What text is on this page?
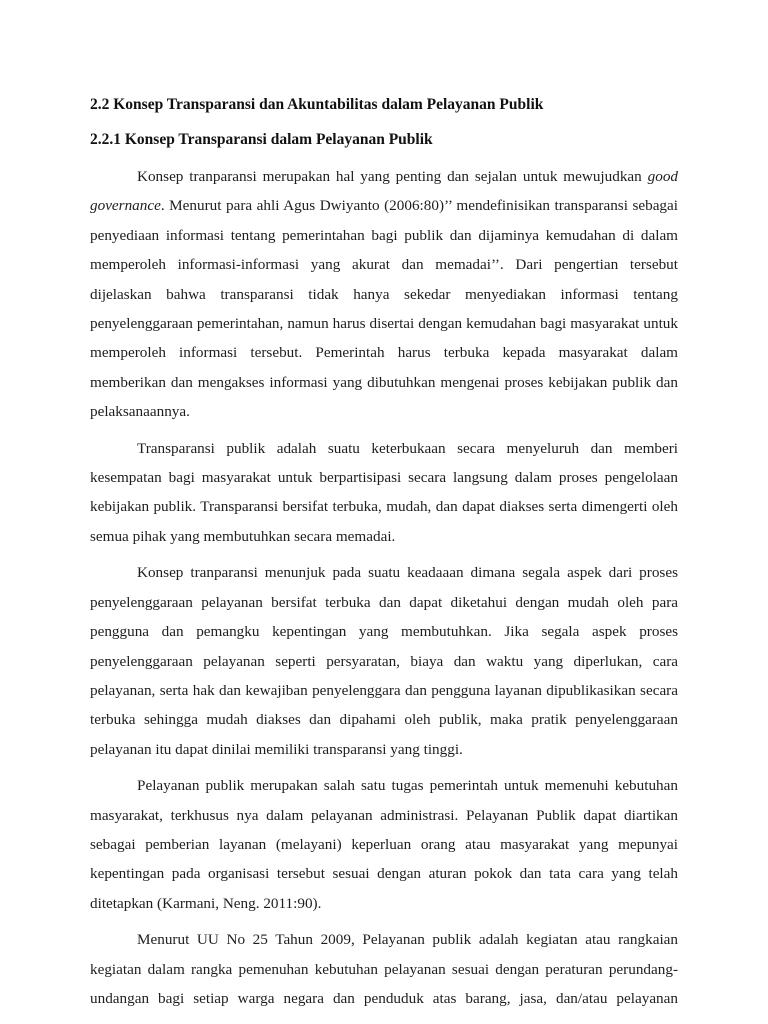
2.2 Konsep Transparansi dan Akuntabilitas dalam Pelayanan Publik
2.2.1 Konsep Transparansi dalam Pelayanan Publik

Konsep tranparansi merupakan hal yang penting dan sejalan untuk mewujudkan good governance. Menurut para ahli Agus Dwiyanto (2006:80)’’ mendefinisikan transparansi sebagai penyediaan informasi tentang pemerintahan bagi publik dan dijaminya kemudahan di dalam memperoleh informasi-informasi yang akurat dan memadai’’. Dari pengertian tersebut dijelaskan bahwa transparansi tidak hanya sekedar menyediakan informasi tentang penyelenggaraan pemerintahan, namun harus disertai dengan kemudahan bagi masyarakat untuk memperoleh informasi tersebut. Pemerintah harus terbuka kepada masyarakat dalam memberikan dan mengakses informasi yang dibutuhkan mengenai proses kebijakan publik dan pelaksanaannya.

Transparansi publik adalah suatu keterbukaan secara menyeluruh dan memberi kesempatan bagi masyarakat untuk berpartisipasi secara langsung dalam proses pengelolaan kebijakan publik. Transparansi bersifat terbuka, mudah, dan dapat diakses serta dimengerti oleh semua pihak yang membutuhkan secara memadai.

Konsep tranparansi menunjuk pada suatu keadaaan dimana segala aspek dari proses penyelenggaraan pelayanan bersifat terbuka dan dapat diketahui dengan mudah oleh para pengguna dan pemangku kepentingan yang membutuhkan. Jika segala aspek proses penyelenggaraan pelayanan seperti persyaratan, biaya dan waktu yang diperlukan, cara pelayanan, serta hak dan kewajiban penyelenggara dan pengguna layanan dipublikasikan secara terbuka sehingga mudah diakses dan dipahami oleh publik, maka pratik penyelenggaraan pelayanan itu dapat dinilai memiliki transparansi yang tinggi.

Pelayanan publik merupakan salah satu tugas pemerintah untuk memenuhi kebutuhan masyarakat, terkhusus nya dalam pelayanan administrasi. Pelayanan Publik dapat diartikan sebagai pemberian layanan (melayani) keperluan orang atau masyarakat yang mepunyai kepentingan pada organisasi tersebut sesuai dengan aturan pokok dan tata cara yang telah ditetapkan (Karmani, Neng. 2011:90).

Menurut UU No 25 Tahun 2009, Pelayanan publik adalah kegiatan atau rangkaian kegiatan dalam rangka pemenuhan kebutuhan pelayanan sesuai dengan peraturan perundang-undangan bagi setiap warga negara dan penduduk atas barang, jasa, dan/atau pelayanan
